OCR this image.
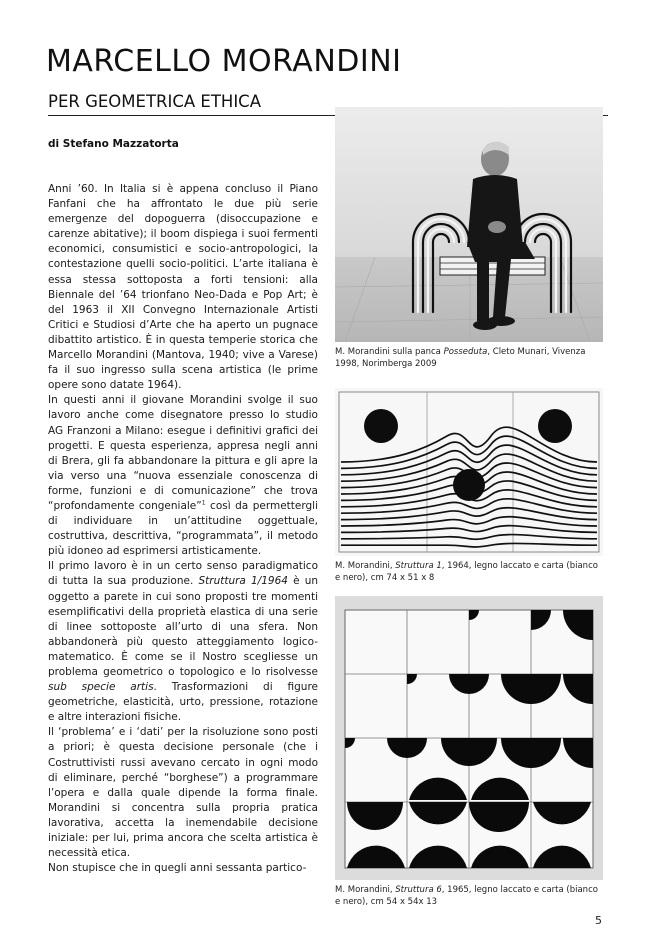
MARCELLO MORANDINI
PER GEOMETRICA ETHICA
di Stefano Mazzatorta

Anni ’60. In Italia si è appena concluso il Piano Fanfani che ha affrontato le due più serie emergenze del dopoguerra (disoccupazione e carenze abitative); il boom dispiega i suoi fermenti economici, consumistici e socio-antropologici, la contestazione quelli socio-politici. L’arte italiana è essa stessa sottoposta a forti tensioni: alla Biennale del ’64 trionfano Neo-Dada e Pop Art; è del 1963 il XII Convegno Internazionale Artisti Critici e Studiosi d’Arte che ha aperto un pugnace dibattito artistico. È in questa temperie storica che Marcello Morandini (Mantova, 1940; vive a Varese) fa il suo ingresso sulla scena artistica (le prime opere sono datate 1964).

In questi anni il giovane Morandini svolge il suo lavoro anche come disegnatore presso lo studio AG Franzoni a Milano: esegue i definitivi grafici dei progetti. E questa esperienza, appresa negli anni di Brera, gli fa abbandonare la pittura e gli apre la via verso una “nuova essenziale conoscenza di forme, funzioni e di comunicazione” che trova “profondamente congeniale”$^1$ così da permettergli di individuare in un’attitudine oggettuale, costruttiva, descrittiva, “programmata”, il metodo più idoneo ad esprimersi artisticamente.

Il primo lavoro è in un certo senso paradigmatico di tutta la sua produzione. Struttura 1/1964 è un oggetto a parete in cui sono proposti tre momenti esemplificativi della proprietà elastica di una serie di linee sottoposte all’urto di una sfera. Non abbandonerà più questo atteggiamento logico-matematico. È come se il Nostro scegliesse un problema geometrico o topologico e lo risolvesse sub specie artis. Trasformazioni di figure geometriche, elasticità, urto, pressione, rotazione e altre interazioni fisiche.

Il ‘problema’ e i ‘dati’ per la risoluzione sono posti a priori; è questa decisione personale (che i Costruttivisti russi avevano cercato in ogni modo di eliminare, perché “borghese”) a programmare l’opera e dalla quale dipende la forma finale. Morandini si concentra sulla propria pratica lavorativa, accetta la inemendabile decisione iniziale: per lui, prima ancora che scelta artistica è necessità etica.

Non stupisce che in quegli anni sessanta partico-

M. Morandini sulla panca Posseduta, Cleto Munari, Vivenza 1998, Norimberga 2009
M. Morandini, Struttura 1, 1964, legno laccato e carta (bianco e nero), cm 74 x 51 x 8
M. Morandini, Struttura 6, 1965, legno laccato e carta (bianco e nero), cm 54 x 54x 13
5
